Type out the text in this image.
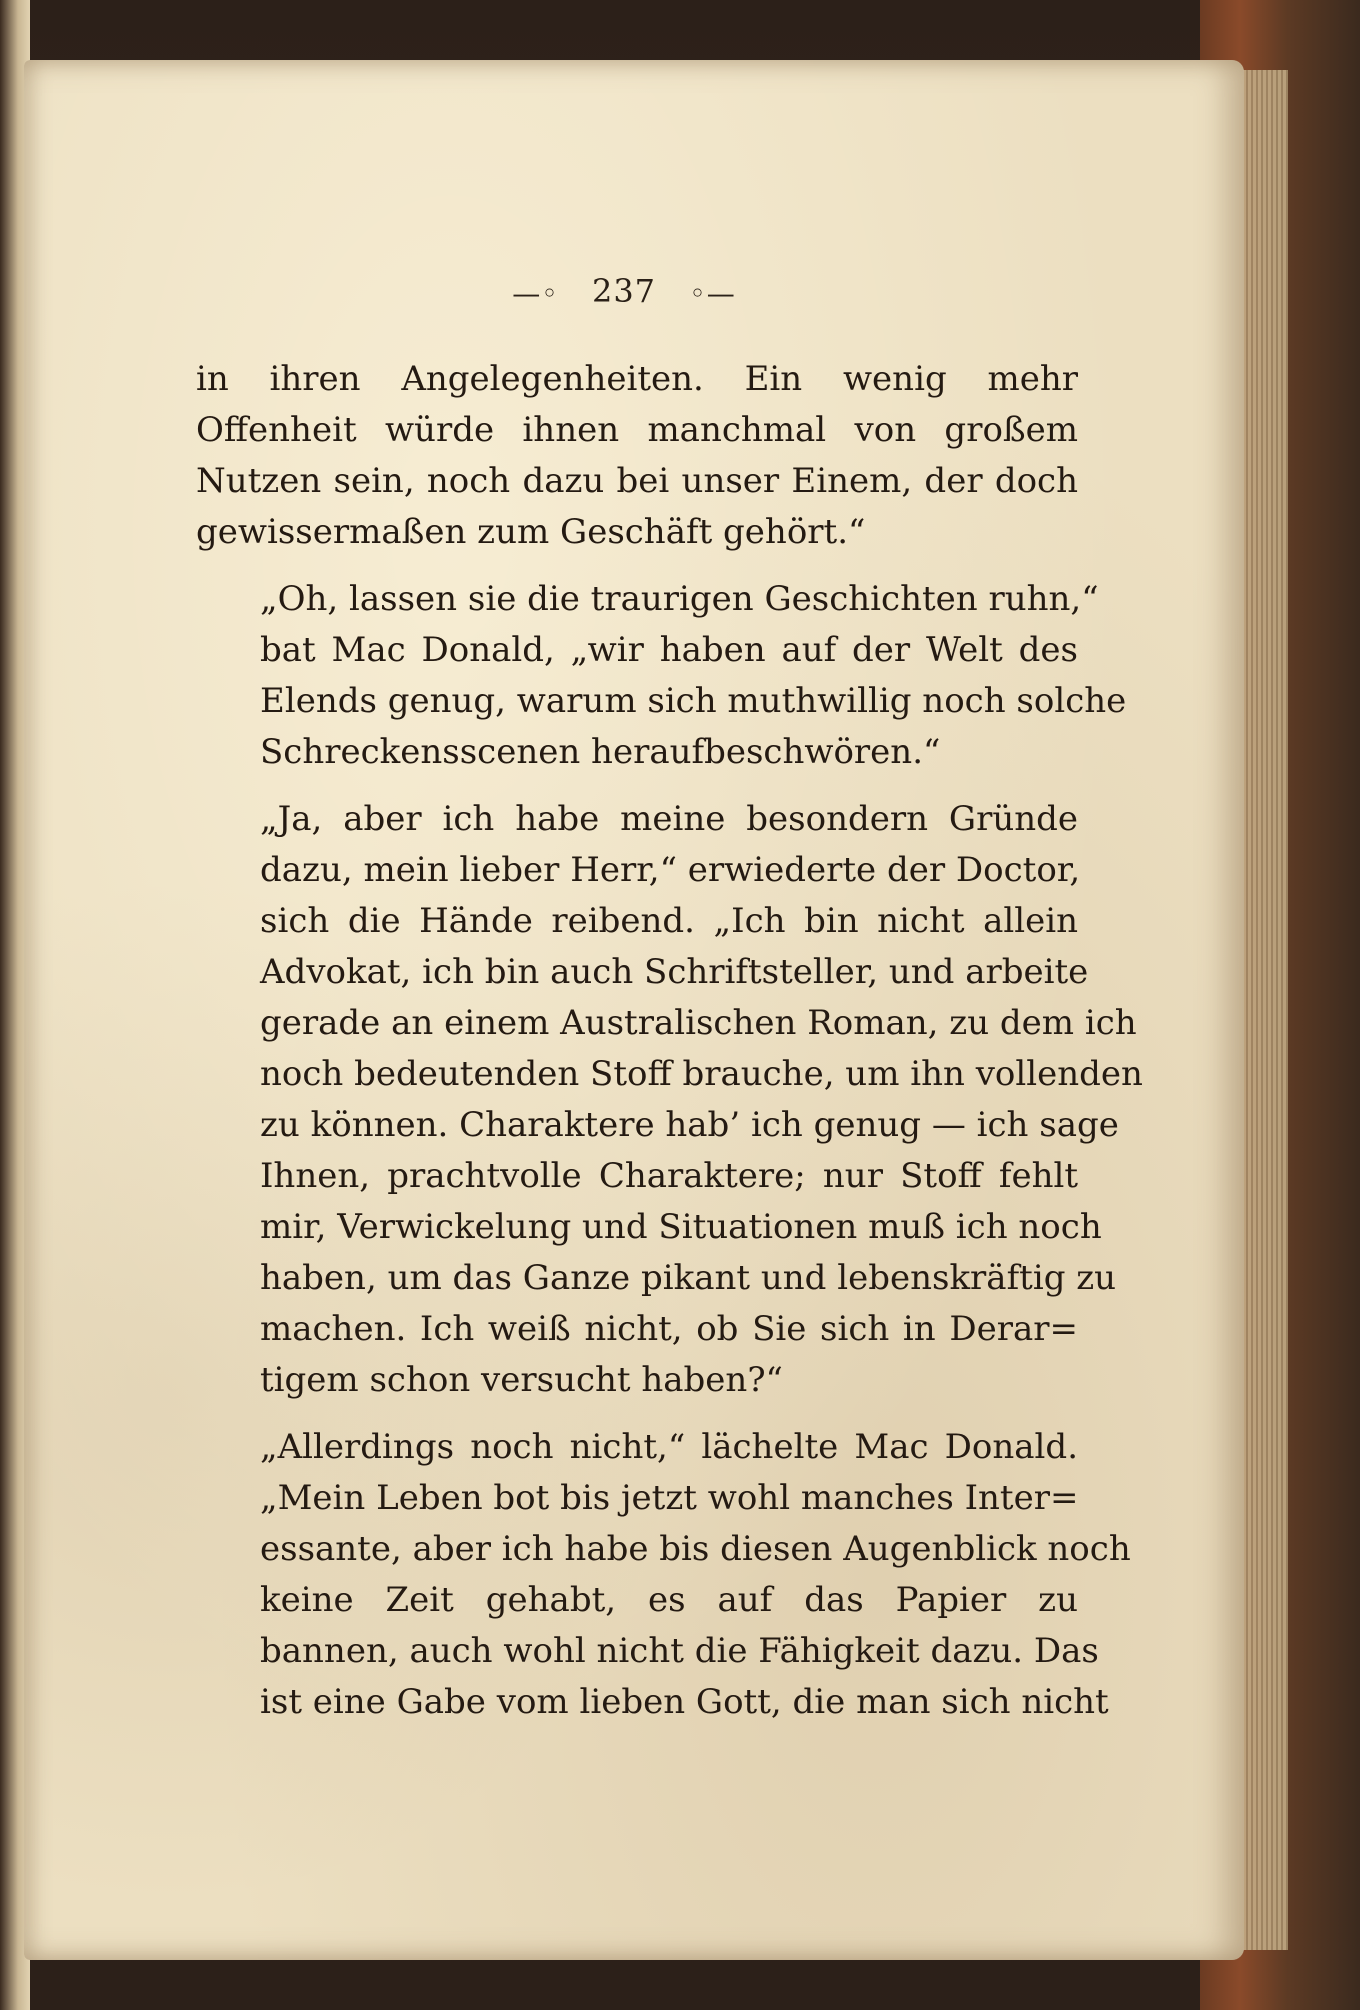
—◦ 237 ◦—
in ihren Angelegenheiten. Ein wenig mehr
Offenheit würde ihnen manchmal von großem
Nutzen sein, noch dazu bei unser Einem, der doch
gewissermaßen zum Geschäft gehört.“
„Oh, lassen sie die traurigen Geschichten ruhn,“
bat Mac Donald, „wir haben auf der Welt des
Elends genug, warum sich muthwillig noch solche
Schreckensscenen heraufbeschwören.“
„Ja, aber ich habe meine besondern Gründe
dazu, mein lieber Herr,“ erwiederte der Doctor,
sich die Hände reibend. „Ich bin nicht allein
Advokat, ich bin auch Schriftsteller, und arbeite
gerade an einem Australischen Roman, zu dem ich
noch bedeutenden Stoff brauche, um ihn vollenden
zu können. Charaktere hab’ ich genug — ich sage
Ihnen, prachtvolle Charaktere; nur Stoff fehlt
mir, Verwickelung und Situationen muß ich noch
haben, um das Ganze pikant und lebenskräftig zu
machen. Ich weiß nicht, ob Sie sich in Derar=
tigem schon versucht haben?“
„Allerdings noch nicht,“ lächelte Mac Donald.
„Mein Leben bot bis jetzt wohl manches Inter=
essante, aber ich habe bis diesen Augenblick noch
keine Zeit gehabt, es auf das Papier zu
bannen, auch wohl nicht die Fähigkeit dazu. Das
ist eine Gabe vom lieben Gott, die man sich nicht
